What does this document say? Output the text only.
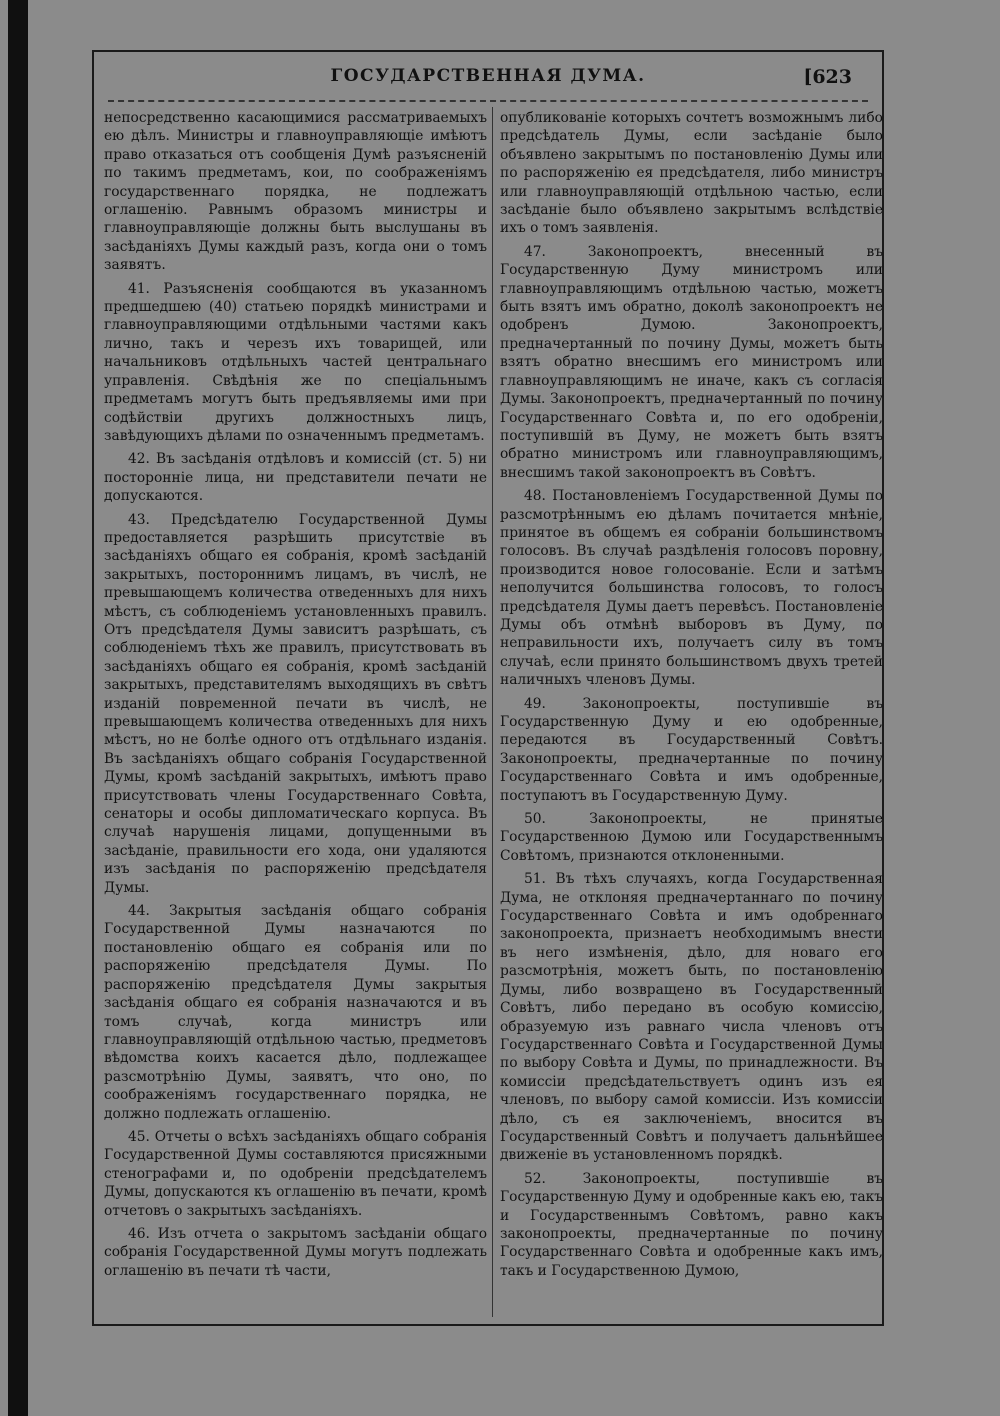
ГОСУДАРСТВЕННАЯ ДУМА.	[623

непосредственно касающимися рассматриваемыхъ ею дѣлъ. Министры и главноуправляющіе имѣютъ право отказаться отъ сообщенія Думѣ разъясненій по такимъ предметамъ, кои, по соображеніямъ государственнаго порядка, не подлежатъ оглашенію. Равнымъ образомъ министры и главноуправляющіе должны быть выслушаны въ засѣданіяхъ Думы каждый разъ, когда они о томъ заявятъ.

41. Разъясненія сообщаются въ указанномъ предшедшею (40) статьею порядкѣ министрами и главноуправляющими отдѣльными частями какъ лично, такъ и черезъ ихъ товарищей, или начальниковъ отдѣльныхъ частей центральнаго управленія. Свѣдѣнія же по спеціальнымъ предметамъ могутъ быть предъявляемы ими при содѣйствіи другихъ должностныхъ лицъ, завѣдующихъ дѣлами по означеннымъ предметамъ.

42. Въ засѣданія отдѣловъ и комиссій (ст. 5) ни посторонніе лица, ни представители печати не допускаются.

43. Предсѣдателю Государственной Думы предоставляется разрѣшить присутствіе въ засѣданіяхъ общаго ея собранія, кромѣ засѣданій закрытыхъ, постороннимъ лицамъ, въ числѣ, не превышающемъ количества отведенныхъ для нихъ мѣстъ, съ соблюденіемъ установленныхъ правилъ. Отъ предсѣдателя Думы зависитъ разрѣшать, съ соблюденіемъ тѣхъ же правилъ, присутствовать въ засѣданіяхъ общаго ея собранія, кромѣ засѣданій закрытыхъ, представителямъ выходящихъ въ свѣтъ изданій повременной печати въ числѣ, не превышающемъ количества отведенныхъ для нихъ мѣстъ, но не болѣе одного отъ отдѣльнаго изданія. Въ засѣданіяхъ общаго собранія Государственной Думы, кромѣ засѣданій закрытыхъ, имѣютъ право присутствовать члены Государственнаго Совѣта, сенаторы и особы дипломатическаго корпуса. Въ случаѣ нарушенія лицами, допущенными въ засѣданіе, правильности его хода, они удаляются изъ засѣданія по распоряженію предсѣдателя Думы.

44. Закрытыя засѣданія общаго собранія Государственной Думы назначаются по постановленію общаго ея собранія или по распоряженію предсѣдателя Думы. По распоряженію предсѣдателя Думы закрытыя засѣданія общаго ея собранія назначаются и въ томъ случаѣ, когда министръ или главноуправляющій отдѣльною частью, предметовъ вѣдомства коихъ касается дѣло, подлежащее разсмотрѣнію Думы, заявятъ, что оно, по соображеніямъ государственнаго порядка, не должно подлежать оглашенію.

45. Отчеты о всѣхъ засѣданіяхъ общаго собранія Государственной Думы составляются присяжными стенографами и, по одобреніи предсѣдателемъ Думы, допускаются къ оглашенію въ печати, кромѣ отчетовъ о закрытыхъ засѣданіяхъ.

46. Изъ отчета о закрытомъ засѣданіи общаго собранія Государственной Думы могутъ подлежать оглашенію въ печати тѣ части,

опубликованіе которыхъ сочтетъ возможнымъ либо предсѣдатель Думы, если засѣданіе было объявлено закрытымъ по постановленію Думы или по распоряженію ея предсѣдателя, либо министръ или главноуправляющій отдѣльною частью, если засѣданіе было объявлено закрытымъ вслѣдствіе ихъ о томъ заявленія.

47. Законопроектъ, внесенный въ Государственную Думу министромъ или главноуправляющимъ отдѣльною частью, можетъ быть взятъ имъ обратно, доколѣ законопроектъ не одобренъ Думою. Законопроектъ, предначертанный по почину Думы, можетъ быть взятъ обратно внесшимъ его министромъ или главноуправляющимъ не иначе, какъ съ согласія Думы. Законопроектъ, предначертанный по почину Государственнаго Совѣта и, по его одобреніи, поступившій въ Думу, не можетъ быть взятъ обратно министромъ или главноуправляющимъ, внесшимъ такой законопроектъ въ Совѣтъ.

48. Постановленіемъ Государственной Думы по разсмотрѣннымъ ею дѣламъ почитается мнѣніе, принятое въ общемъ ея собраніи большинствомъ голосовъ. Въ случаѣ раздѣленія голосовъ поровну, производится новое голосованіе. Если и затѣмъ неполучится большинства голосовъ, то голосъ предсѣдателя Думы даетъ перевѣсъ. Постановленіе Думы объ отмѣнѣ выборовъ въ Думу, по неправильности ихъ, получаетъ силу въ томъ случаѣ, если принято большинствомъ двухъ третей наличныхъ членовъ Думы.

49. Законопроекты, поступившіе въ Государственную Думу и ею одобренные, передаются въ Государственный Совѣтъ. Законопроекты, предначертанные по почину Государственнаго Совѣта и имъ одобренные, поступаютъ въ Государственную Думу.

50. Законопроекты, не принятые Государственною Думою или Государственнымъ Совѣтомъ, признаются отклоненными.

51. Въ тѣхъ случаяхъ, когда Государственная Дума, не отклоняя предначертаннаго по почину Государственнаго Совѣта и имъ одобреннаго законопроекта, признаетъ необходимымъ внести въ него измѣненія, дѣло, для новаго его разсмотрѣнія, можетъ быть, по постановленію Думы, либо возвращено въ Государственный Совѣтъ, либо передано въ особую комиссію, образуемую изъ равнаго числа членовъ отъ Государственнаго Совѣта и Государственной Думы по выбору Совѣта и Думы, по принадлежности. Въ комиссіи предсѣдательствуетъ одинъ изъ ея членовъ, по выбору самой комиссіи. Изъ комиссіи дѣло, съ ея заключеніемъ, вносится въ Государственный Совѣтъ и получаетъ дальнѣйшее движеніе въ установленномъ порядкѣ.

52. Законопроекты, поступившіе въ Государственную Думу и одобренные какъ ею, такъ и Государственнымъ Совѣтомъ, равно какъ законопроекты, предначертанные по почину Государственнаго Совѣта и одобренные какъ имъ, такъ и Государственною Думою,
